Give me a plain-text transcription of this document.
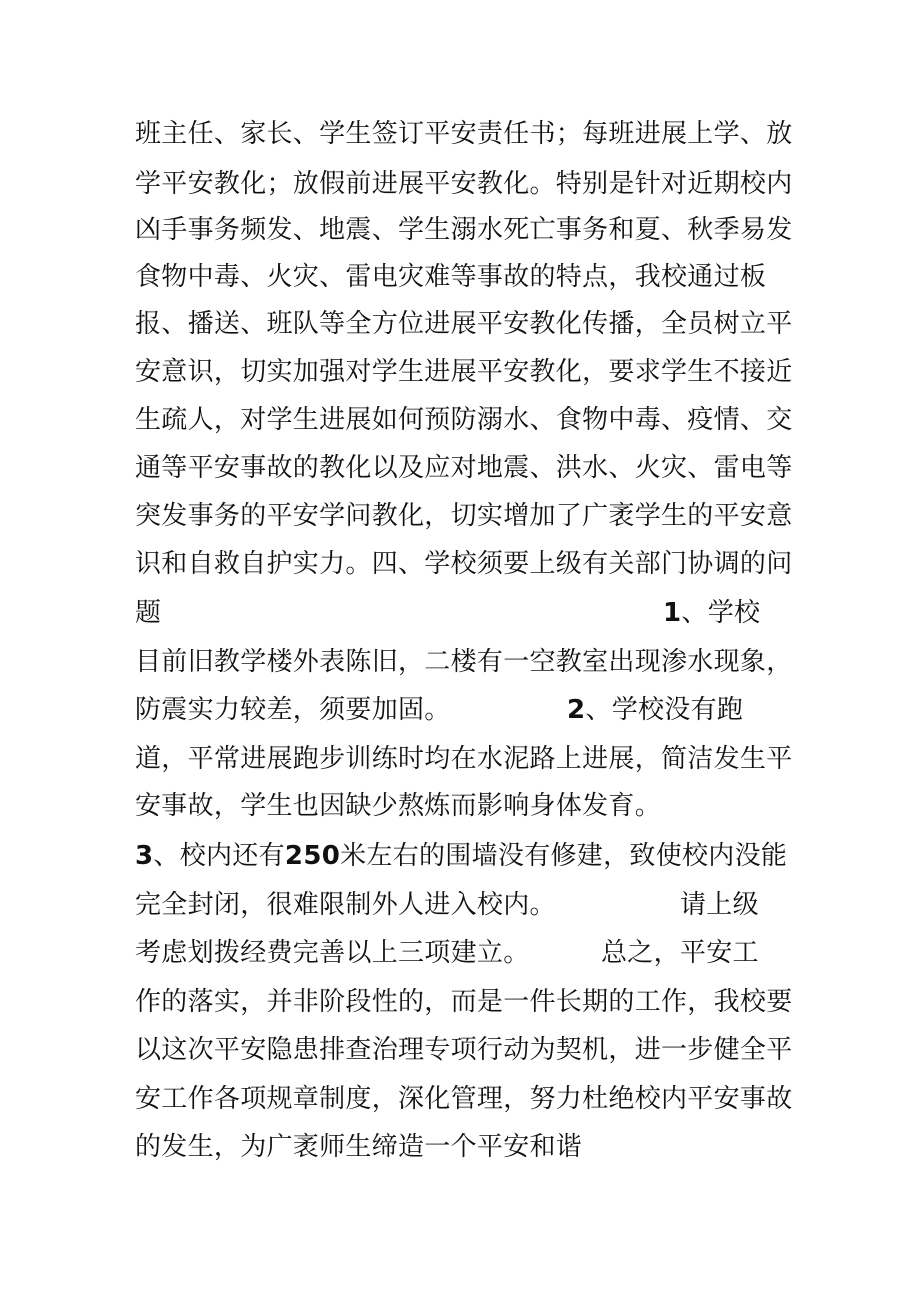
班主任、家长、学生签订平安责任书；每班进展上学、放
学平安教化；放假前进展平安教化。特别是针对近期校内
凶手事务频发、地震、学生溺水死亡事务和夏、秋季易发
食物中毒、火灾、雷电灾难等事故的特点，我校通过板
报、播送、班队等全方位进展平安教化传播，全员树立平
安意识，切实加强对学生进展平安教化，要求学生不接近
生疏人，对学生进展如何预防溺水、食物中毒、疫情、交
通等平安事故的教化以及应对地震、洪水、火灾、雷电等
突发事务的平安学问教化，切实增加了广袤学生的平安意
识和自救自护实力。四、学校须要上级有关部门协调的问
题	1、学校
目前旧教学楼外表陈旧，二楼有一空教室出现渗水现象，
防震实力较差，须要加固。	2、学校没有跑
道，平常进展跑步训练时均在水泥路上进展，简洁发生平
安事故，学生也因缺少熬炼而影响身体发育。
3、校内还有250米左右的围墙没有修建，致使校内没能
完全封闭，很难限制外人进入校内。	请上级
考虑划拨经费完善以上三项建立。	总之，平安工
作的落实，并非阶段性的，而是一件长期的工作，我校要
以这次平安隐患排查治理专项行动为契机，进一步健全平
安工作各项规章制度，深化管理，努力杜绝校内平安事故
的发生，为广袤师生缔造一个平安和谐
